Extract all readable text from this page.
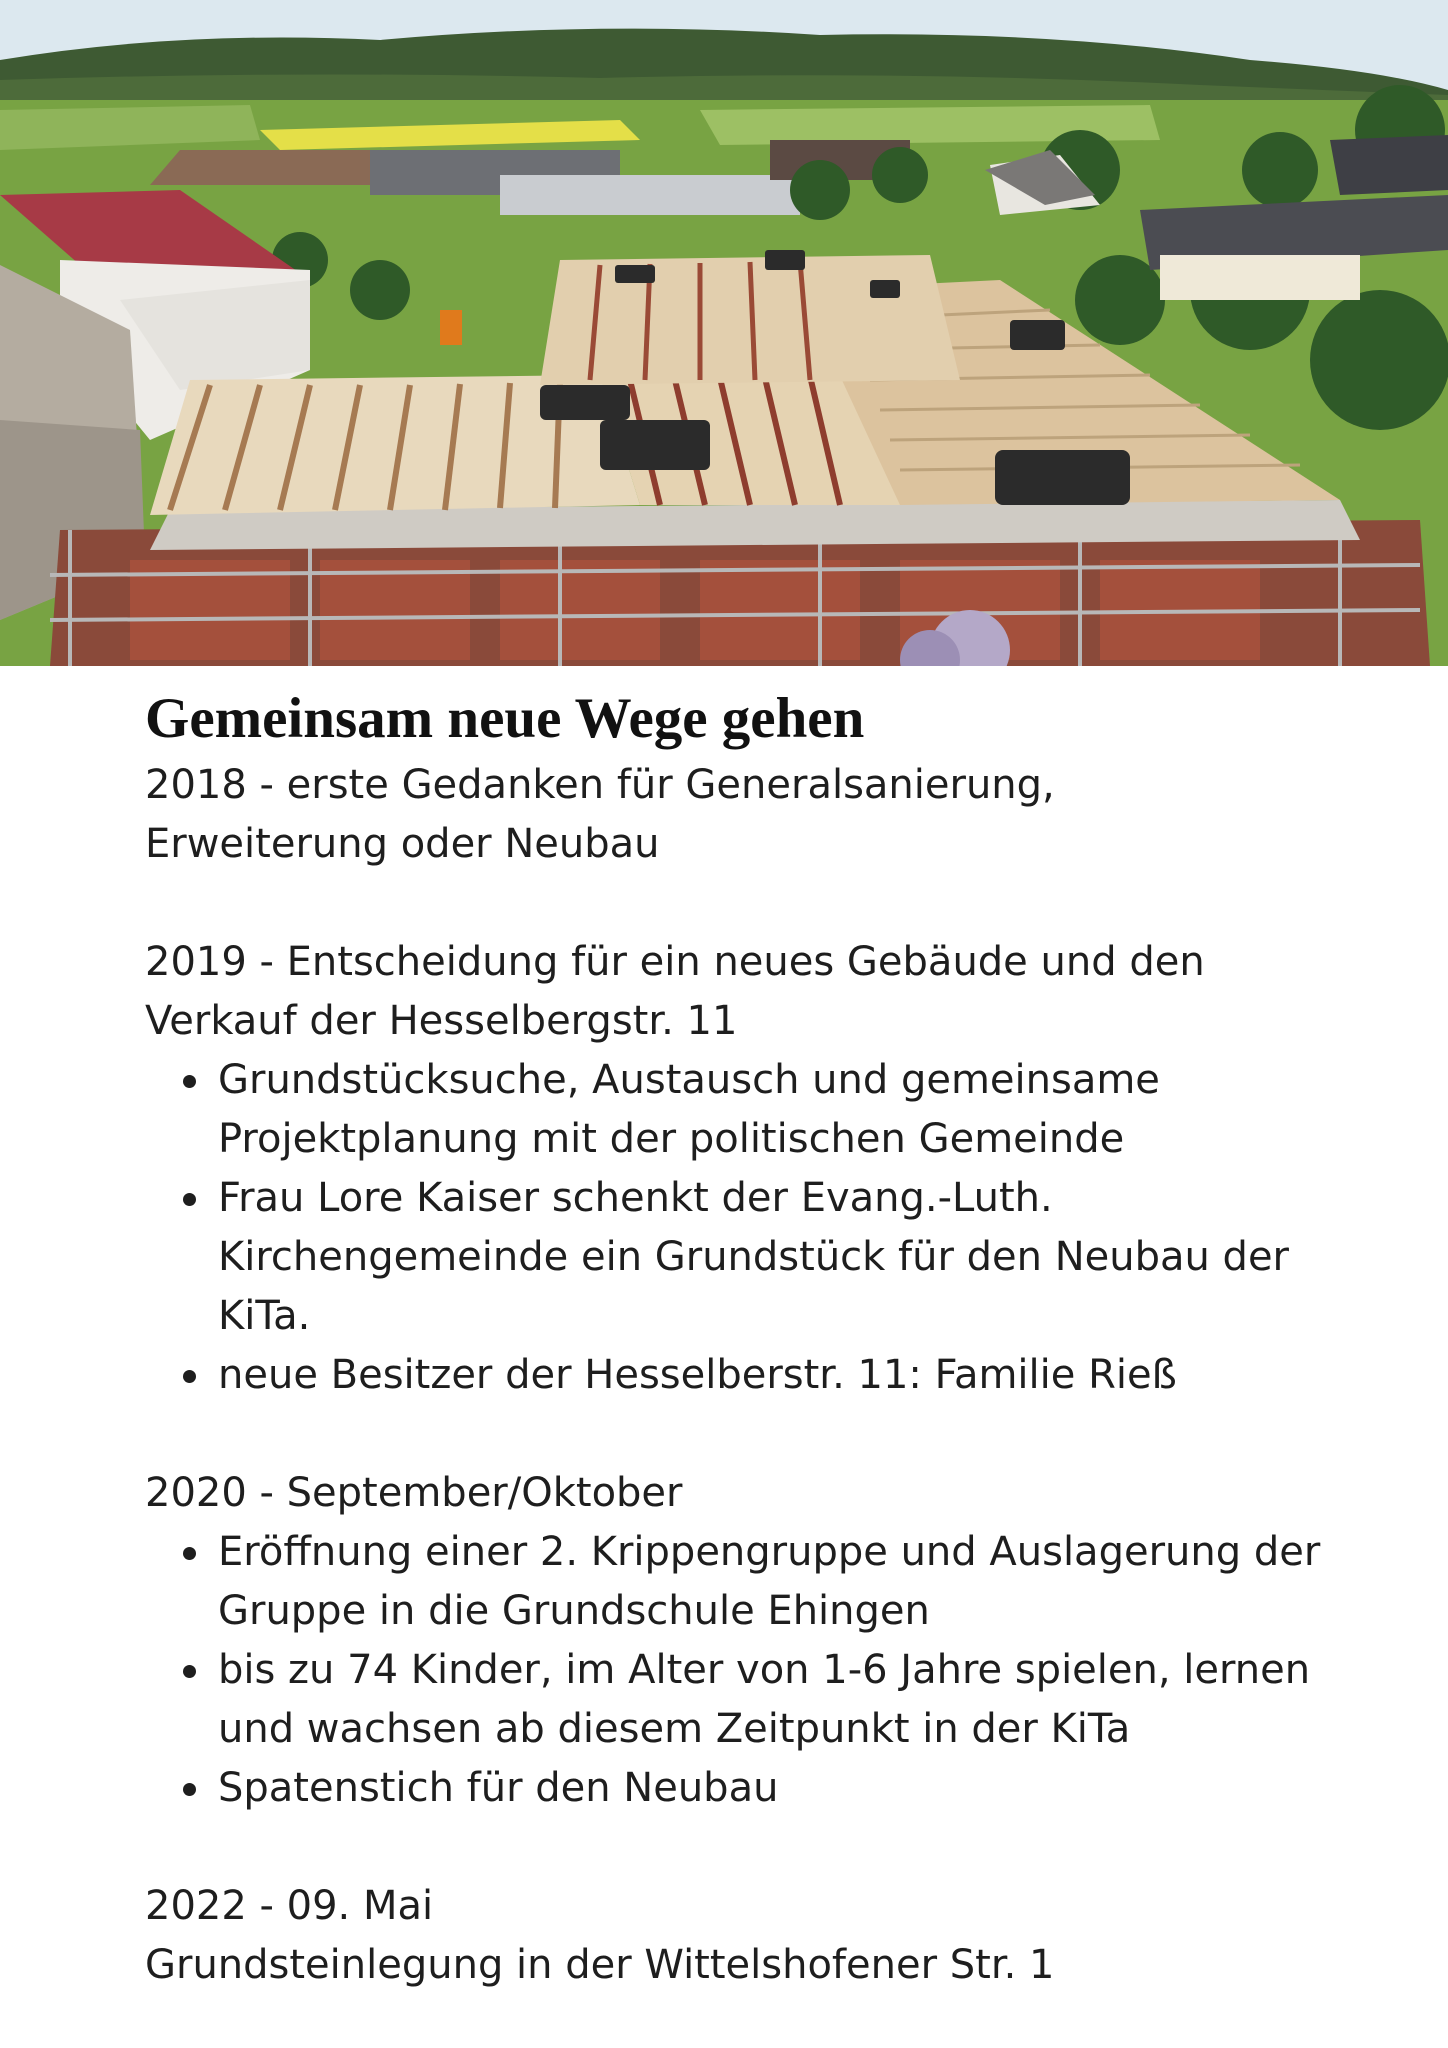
Gemeinsam neue Wege gehen

2018 - erste Gedanken für Generalsanierung,

Erweiterung oder Neubau

2019 - Entscheidung für ein neues Gebäude und den

Verkauf der Hesselbergstr. 11

Grundstücksuche, Austausch und gemeinsame Projektplanung mit der politischen Gemeinde
Frau Lore Kaiser schenkt der Evang.-Luth. Kirchengemeinde ein Grundstück für den Neubau der KiTa.
neue Besitzer der Hesselberstr. 11: Familie Rieß

2020 - September/Oktober

Eröffnung einer 2. Krippengruppe und Auslagerung der Gruppe in die Grundschule Ehingen
bis zu 74 Kinder, im Alter von 1-6 Jahre spielen, lernen und wachsen ab diesem Zeitpunkt in der KiTa
Spatenstich für den Neubau

2022 - 09. Mai

Grundsteinlegung in der Wittelshofener Str. 1
